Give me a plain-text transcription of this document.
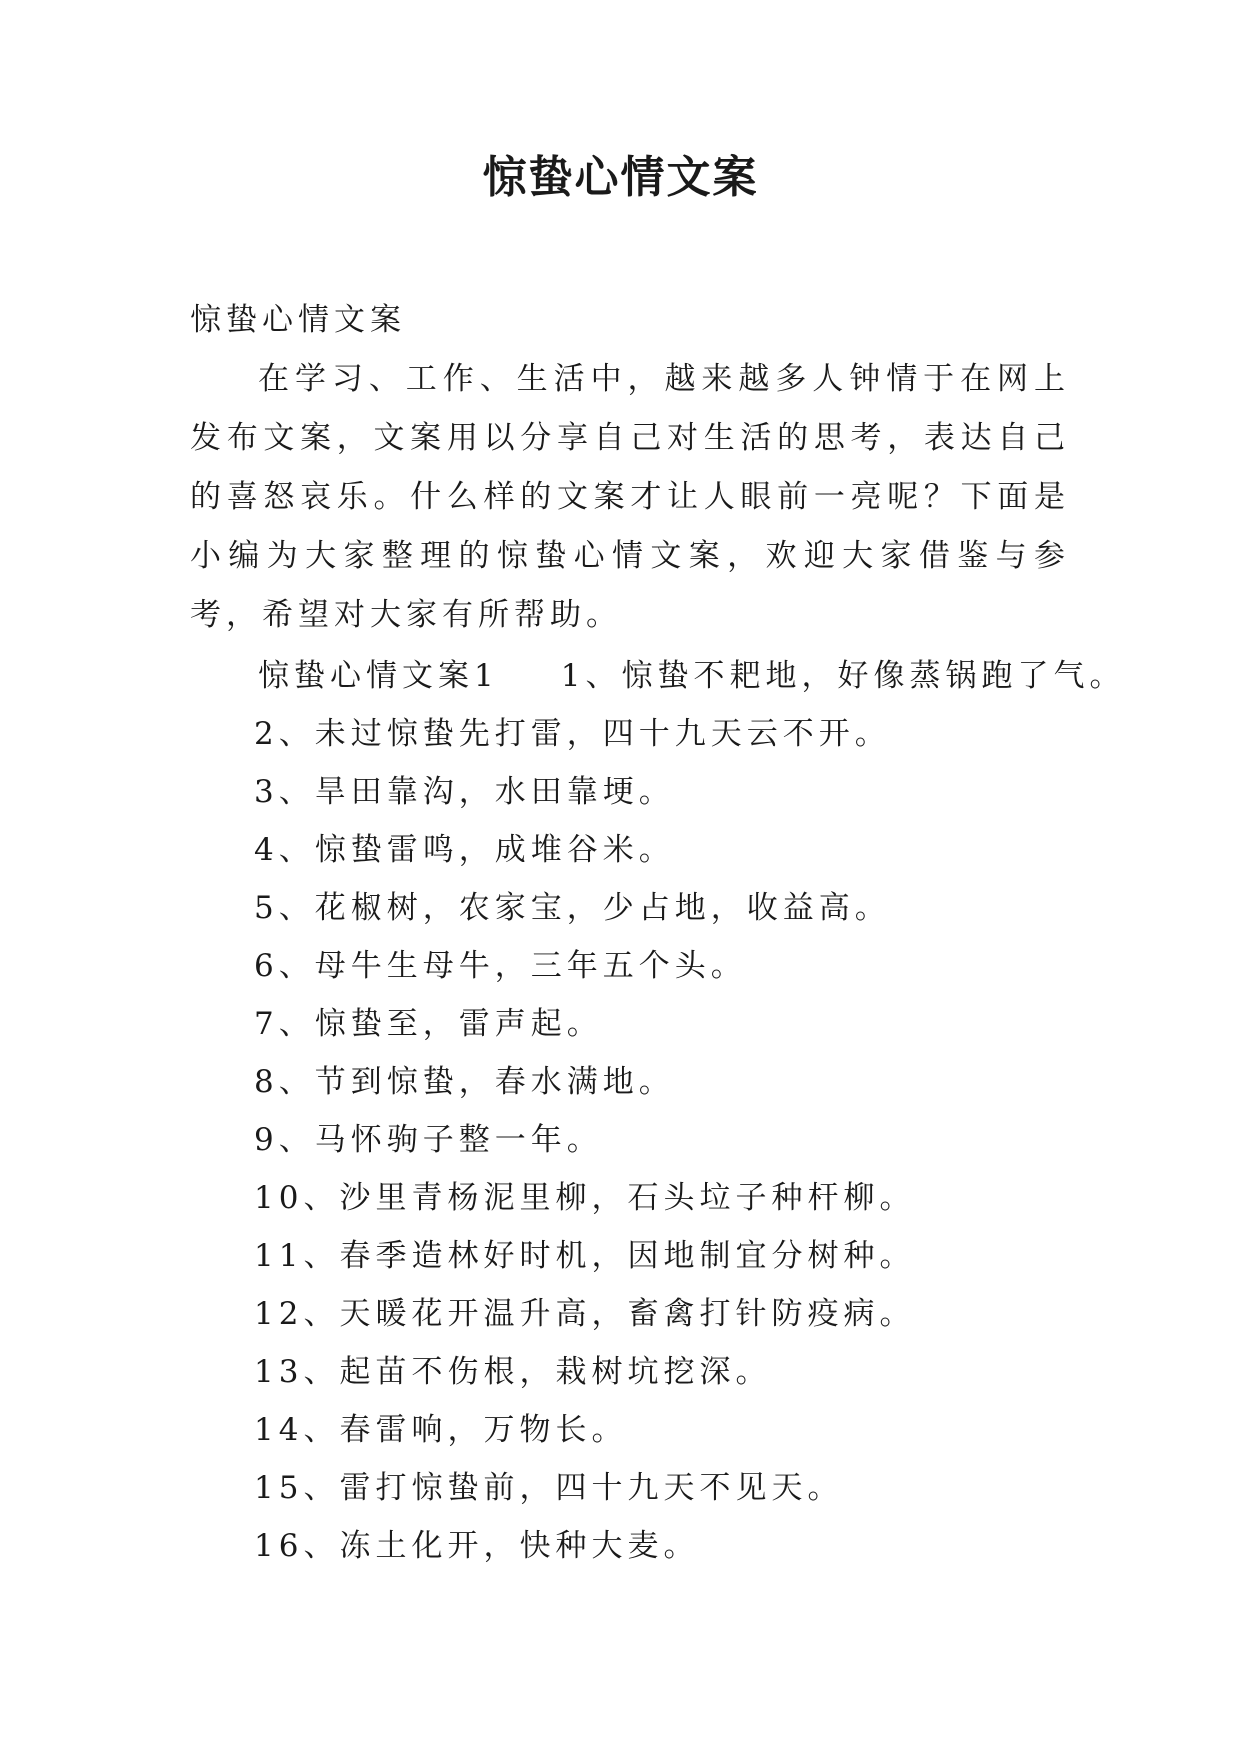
惊蛰心情文案
惊蛰心情文案

在学习、工作、生活中，越来越多人钟情于在网上发布文案，文案用以分享自己对生活的思考，表达自己的喜怒哀乐。什么样的文案才让人眼前一亮呢？下面是小编为大家整理的惊蛰心情文案，欢迎大家借鉴与参考，希望对大家有所帮助。

惊蛰心情文案1 1、惊蛰不耙地，好像蒸锅跑了气。
2、未过惊蛰先打雷，四十九天云不开。
3、旱田靠沟，水田靠埂。
4、惊蛰雷鸣，成堆谷米。
5、花椒树，农家宝，少占地，收益高。
6、母牛生母牛，三年五个头。
7、惊蛰至，雷声起。
8、节到惊蛰，春水满地。
9、马怀驹子整一年。
10、沙里青杨泥里柳，石头垃子种杆柳。
11、春季造林好时机，因地制宜分树种。
12、天暖花开温升高，畜禽打针防疫病。
13、起苗不伤根，栽树坑挖深。
14、春雷响，万物长。
15、雷打惊蛰前，四十九天不见天。
16、冻土化开，快种大麦。
